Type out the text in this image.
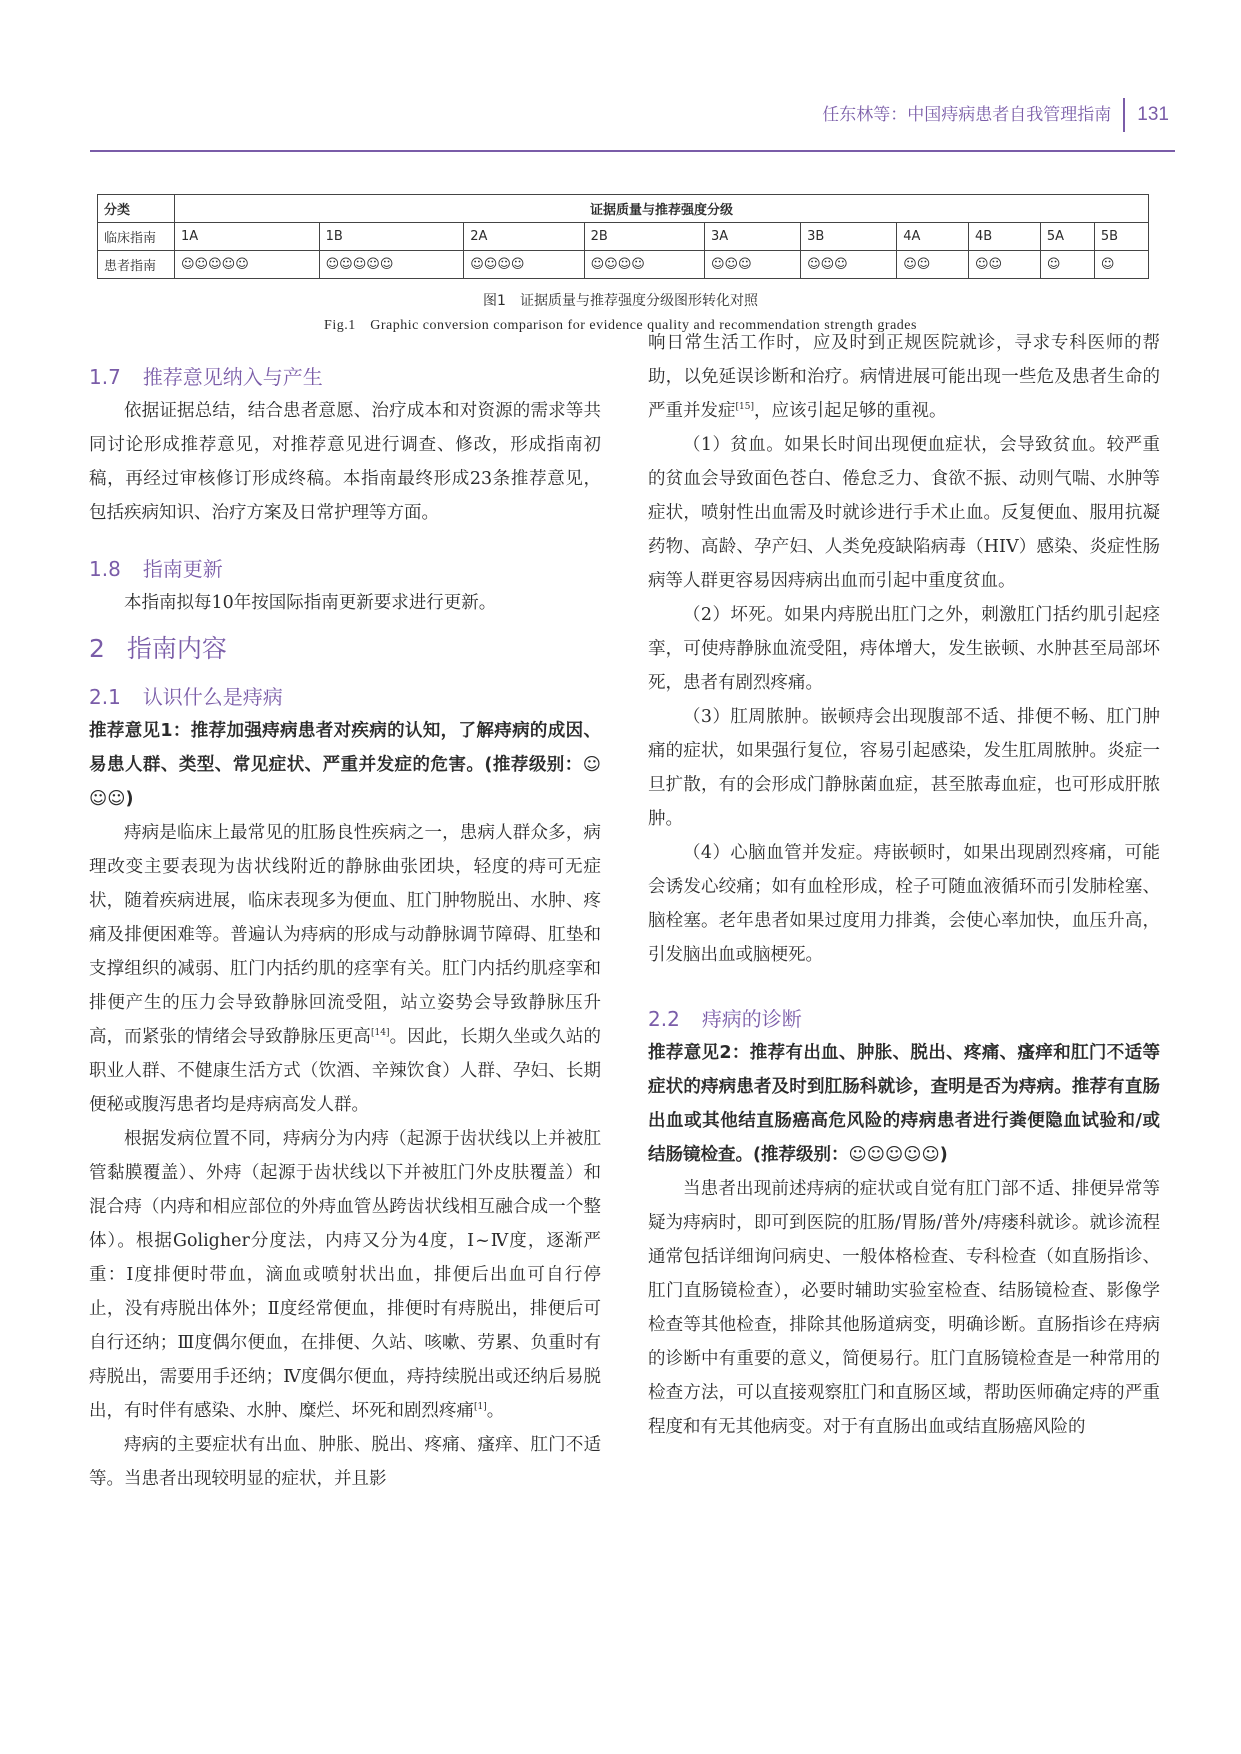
任东林等：中国痔病患者自我管理指南	131
分类	证据质量与推荐强度分级									
临床指南	1A	1B	2A	2B	3A	3B	4A	4B	5A	5B
患者指南	☺☺☺☺☺	☺☺☺☺☺	☺☺☺☺	☺☺☺☺	☺☺☺	☺☺☺	☺☺	☺☺	☺	☺
图1　证据质量与推荐强度分级图形转化对照
Fig.1　Graphic conversion comparison for evidence quality and recommendation strength grades
1.7 推荐意见纳入与产生

依据证据总结，结合患者意愿、治疗成本和对资源的需求等共同讨论形成推荐意见，对推荐意见进行调查、修改，形成指南初稿，再经过审核修订形成终稿。本指南最终形成23条推荐意见，包括疾病知识、治疗方案及日常护理等方面。

1.8 指南更新

本指南拟每10年按国际指南更新要求进行更新。

2 指南内容
2.1 认识什么是痔病

推荐意见1：推荐加强痔病患者对疾病的认知，了解痔病的成因、易患人群、类型、常见症状、严重并发症的危害。(推荐级别：☺☺☺)

痔病是临床上最常见的肛肠良性疾病之一，患病人群众多，病理改变主要表现为齿状线附近的静脉曲张团块，轻度的痔可无症状，随着疾病进展，临床表现多为便血、肛门肿物脱出、水肿、疼痛及排便困难等。普遍认为痔病的形成与动静脉调节障碍、肛垫和支撑组织的减弱、肛门内括约肌的痉挛有关。肛门内括约肌痉挛和排便产生的压力会导致静脉回流受阻，站立姿势会导致静脉压升高，而紧张的情绪会导致静脉压更高[14]。因此，长期久坐或久站的职业人群、不健康生活方式（饮酒、辛辣饮食）人群、孕妇、长期便秘或腹泻患者均是痔病高发人群。

根据发病位置不同，痔病分为内痔（起源于齿状线以上并被肛管黏膜覆盖）、外痔（起源于齿状线以下并被肛门外皮肤覆盖）和混合痔（内痔和相应部位的外痔血管丛跨齿状线相互融合成一个整体）。根据Goligher分度法，内痔又分为4度，Ⅰ~Ⅳ度，逐渐严重：Ⅰ度排便时带血，滴血或喷射状出血，排便后出血可自行停止，没有痔脱出体外；Ⅱ度经常便血，排便时有痔脱出，排便后可自行还纳；Ⅲ度偶尔便血，在排便、久站、咳嗽、劳累、负重时有痔脱出，需要用手还纳；Ⅳ度偶尔便血，痔持续脱出或还纳后易脱出，有时伴有感染、水肿、糜烂、坏死和剧烈疼痛[1]。

痔病的主要症状有出血、肿胀、脱出、疼痛、瘙痒、肛门不适等。当患者出现较明显的症状，并且影

响日常生活工作时，应及时到正规医院就诊，寻求专科医师的帮助，以免延误诊断和治疗。病情进展可能出现一些危及患者生命的严重并发症[15]，应该引起足够的重视。

（1）贫血。如果长时间出现便血症状，会导致贫血。较严重的贫血会导致面色苍白、倦怠乏力、食欲不振、动则气喘、水肿等症状，喷射性出血需及时就诊进行手术止血。反复便血、服用抗凝药物、高龄、孕产妇、人类免疫缺陷病毒（HIV）感染、炎症性肠病等人群更容易因痔病出血而引起中重度贫血。

（2）坏死。如果内痔脱出肛门之外，刺激肛门括约肌引起痉挛，可使痔静脉血流受阻，痔体增大，发生嵌顿、水肿甚至局部坏死，患者有剧烈疼痛。

（3）肛周脓肿。嵌顿痔会出现腹部不适、排便不畅、肛门肿痛的症状，如果强行复位，容易引起感染，发生肛周脓肿。炎症一旦扩散，有的会形成门静脉菌血症，甚至脓毒血症，也可形成肝脓肿。

（4）心脑血管并发症。痔嵌顿时，如果出现剧烈疼痛，可能会诱发心绞痛；如有血栓形成，栓子可随血液循环而引发肺栓塞、脑栓塞。老年患者如果过度用力排粪，会使心率加快，血压升高，引发脑出血或脑梗死。

2.2 痔病的诊断

推荐意见2：推荐有出血、肿胀、脱出、疼痛、瘙痒和肛门不适等症状的痔病患者及时到肛肠科就诊，查明是否为痔病。推荐有直肠出血或其他结直肠癌高危风险的痔病患者进行粪便隐血试验和/或结肠镜检查。(推荐级别：☺☺☺☺☺)

当患者出现前述痔病的症状或自觉有肛门部不适、排便异常等疑为痔病时，即可到医院的肛肠/胃肠/普外/痔瘘科就诊。就诊流程通常包括详细询问病史、一般体格检查、专科检查（如直肠指诊、肛门直肠镜检查），必要时辅助实验室检查、结肠镜检查、影像学检查等其他检查，排除其他肠道病变，明确诊断。直肠指诊在痔病的诊断中有重要的意义，简便易行。肛门直肠镜检查是一种常用的检查方法，可以直接观察肛门和直肠区域，帮助医师确定痔的严重程度和有无其他病变。对于有直肠出血或结直肠癌风险的
